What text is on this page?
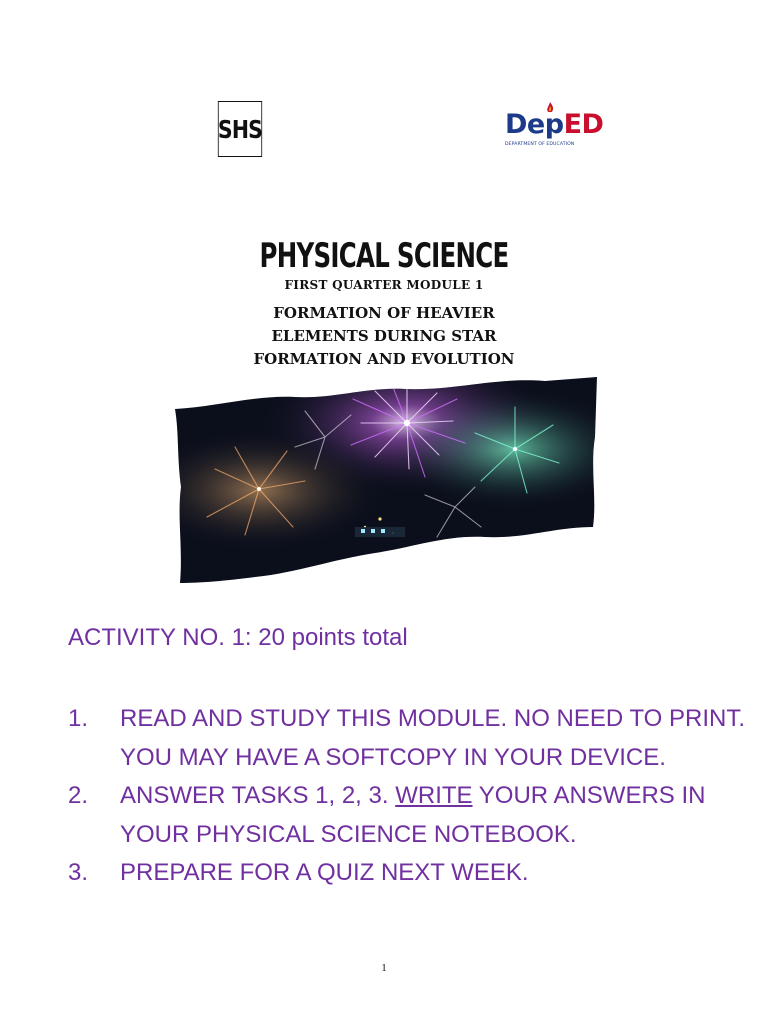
SHS	DepED
DEPARTMENT OF EDUCATION
PHYSICAL SCIENCE
FIRST QUARTER MODULE 1
FORMATION OF HEAVIER
ELEMENTS DURING STAR
FORMATION AND EVOLUTION
ACTIVITY NO. 1: 20 points total
1. READ AND STUDY THIS MODULE. NO NEED TO PRINT. YOU MAY HAVE A SOFTCOPY IN YOUR DEVICE.
2. ANSWER TASKS 1, 2, 3. WRITE YOUR ANSWERS IN YOUR PHYSICAL SCIENCE NOTEBOOK.
3. PREPARE FOR A QUIZ NEXT WEEK.
1
